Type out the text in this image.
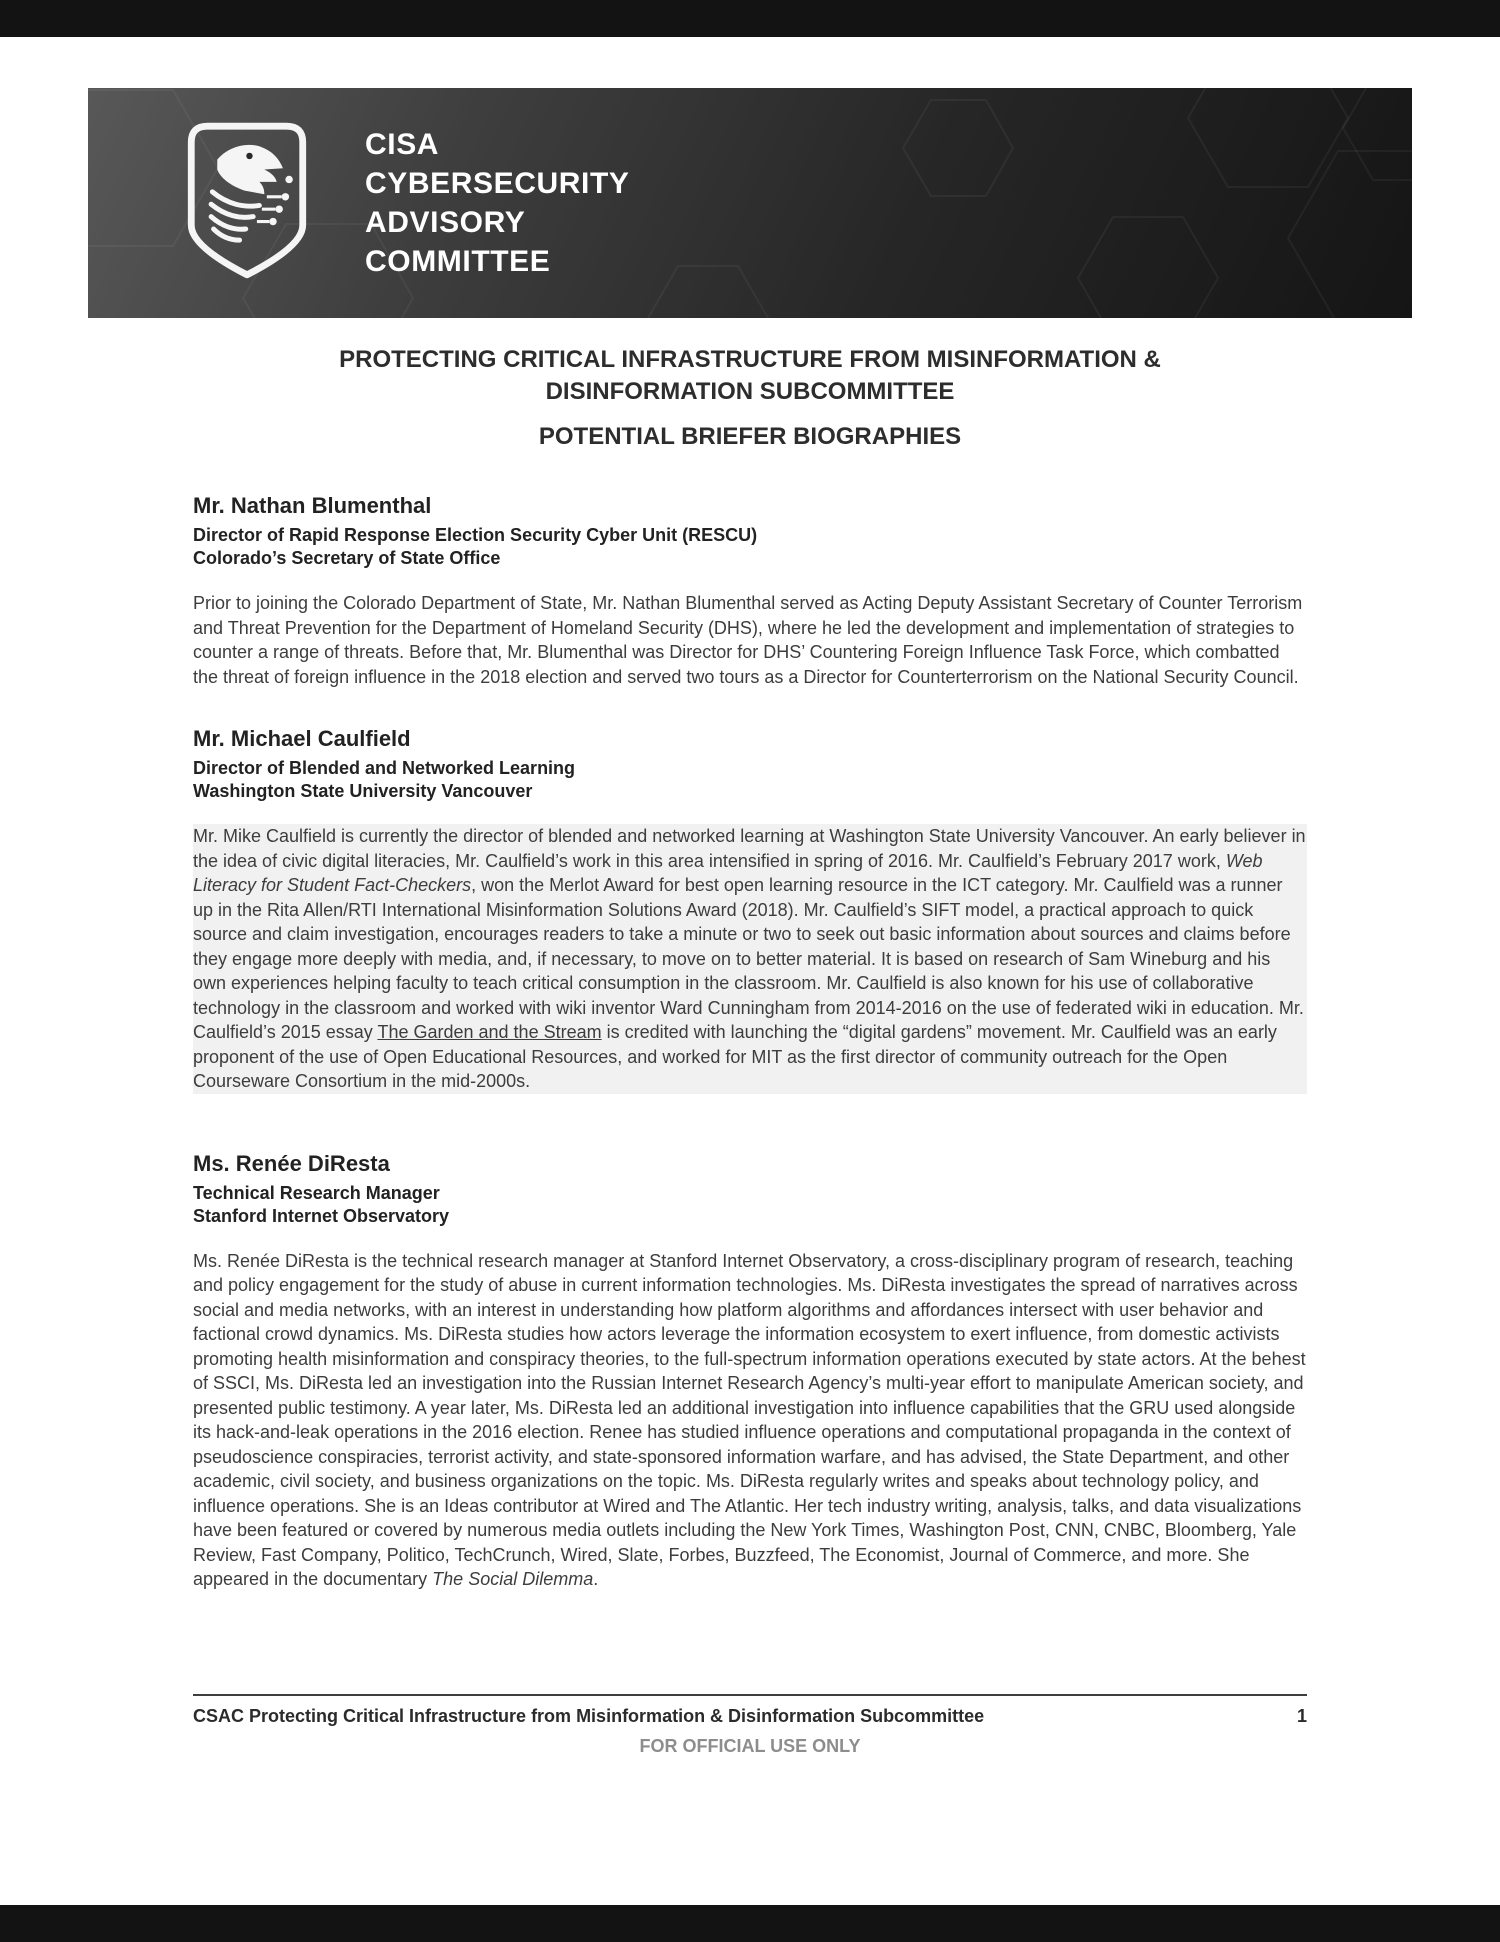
CISA
CYBERSECURITY
ADVISORY
COMMITTEE
PROTECTING CRITICAL INFRASTRUCTURE FROM MISINFORMATION & DISINFORMATION SUBCOMMITTEE
POTENTIAL BRIEFER BIOGRAPHIES
Mr. Nathan Blumenthal
Director of Rapid Response Election Security Cyber Unit (RESCU)
Colorado’s Secretary of State Office

Prior to joining the Colorado Department of State, Mr. Nathan Blumenthal served as Acting Deputy Assistant Secretary of Counter Terrorism and Threat Prevention for the Department of Homeland Security (DHS), where he led the development and implementation of strategies to counter a range of threats. Before that, Mr. Blumenthal was Director for DHS’ Countering Foreign Influence Task Force, which combatted the threat of foreign influence in the 2018 election and served two tours as a Director for Counterterrorism on the National Security Council.

Mr. Michael Caulfield
Director of Blended and Networked Learning
Washington State University Vancouver

Mr. Mike Caulfield is currently the director of blended and networked learning at Washington State University Vancouver. An early believer in the idea of civic digital literacies, Mr. Caulfield’s work in this area intensified in spring of 2016. Mr. Caulfield’s February 2017 work, Web Literacy for Student Fact-Checkers, won the Merlot Award for best open learning resource in the ICT category. Mr. Caulfield was a runner up in the Rita Allen/RTI International Misinformation Solutions Award (2018). Mr. Caulfield’s SIFT model, a practical approach to quick source and claim investigation, encourages readers to take a minute or two to seek out basic information about sources and claims before they engage more deeply with media, and, if necessary, to move on to better material. It is based on research of Sam Wineburg and his own experiences helping faculty to teach critical consumption in the classroom. Mr. Caulfield is also known for his use of collaborative technology in the classroom and worked with wiki inventor Ward Cunningham from 2014-2016 on the use of federated wiki in education. Mr. Caulfield’s 2015 essay The Garden and the Stream is credited with launching the “digital gardens” movement. Mr. Caulfield was an early proponent of the use of Open Educational Resources, and worked for MIT as the first director of community outreach for the Open Courseware Consortium in the mid-2000s.

Ms. Renée DiResta
Technical Research Manager
Stanford Internet Observatory

Ms. Renée DiResta is the technical research manager at Stanford Internet Observatory, a cross-disciplinary program of research, teaching and policy engagement for the study of abuse in current information technologies. Ms. DiResta investigates the spread of narratives across social and media networks, with an interest in understanding how platform algorithms and affordances intersect with user behavior and factional crowd dynamics. Ms. DiResta studies how actors leverage the information ecosystem to exert influence, from domestic activists promoting health misinformation and conspiracy theories, to the full-spectrum information operations executed by state actors. At the behest of SSCI, Ms. DiResta led an investigation into the Russian Internet Research Agency’s multi-year effort to manipulate American society, and presented public testimony. A year later, Ms. DiResta led an additional investigation into influence capabilities that the GRU used alongside its hack-and-leak operations in the 2016 election. Renee has studied influence operations and computational propaganda in the context of pseudoscience conspiracies, terrorist activity, and state-sponsored information warfare, and has advised, the State Department, and other academic, civil society, and business organizations on the topic. Ms. DiResta regularly writes and speaks about technology policy, and influence operations. She is an Ideas contributor at Wired and The Atlantic. Her tech industry writing, analysis, talks, and data visualizations have been featured or covered by numerous media outlets including the New York Times, Washington Post, CNN, CNBC, Bloomberg, Yale Review, Fast Company, Politico, TechCrunch, Wired, Slate, Forbes, Buzzfeed, The Economist, Journal of Commerce, and more. She appeared in the documentary The Social Dilemma.

CSAC Protecting Critical Infrastructure from Misinformation & Disinformation Subcommittee	1
FOR OFFICIAL USE ONLY
